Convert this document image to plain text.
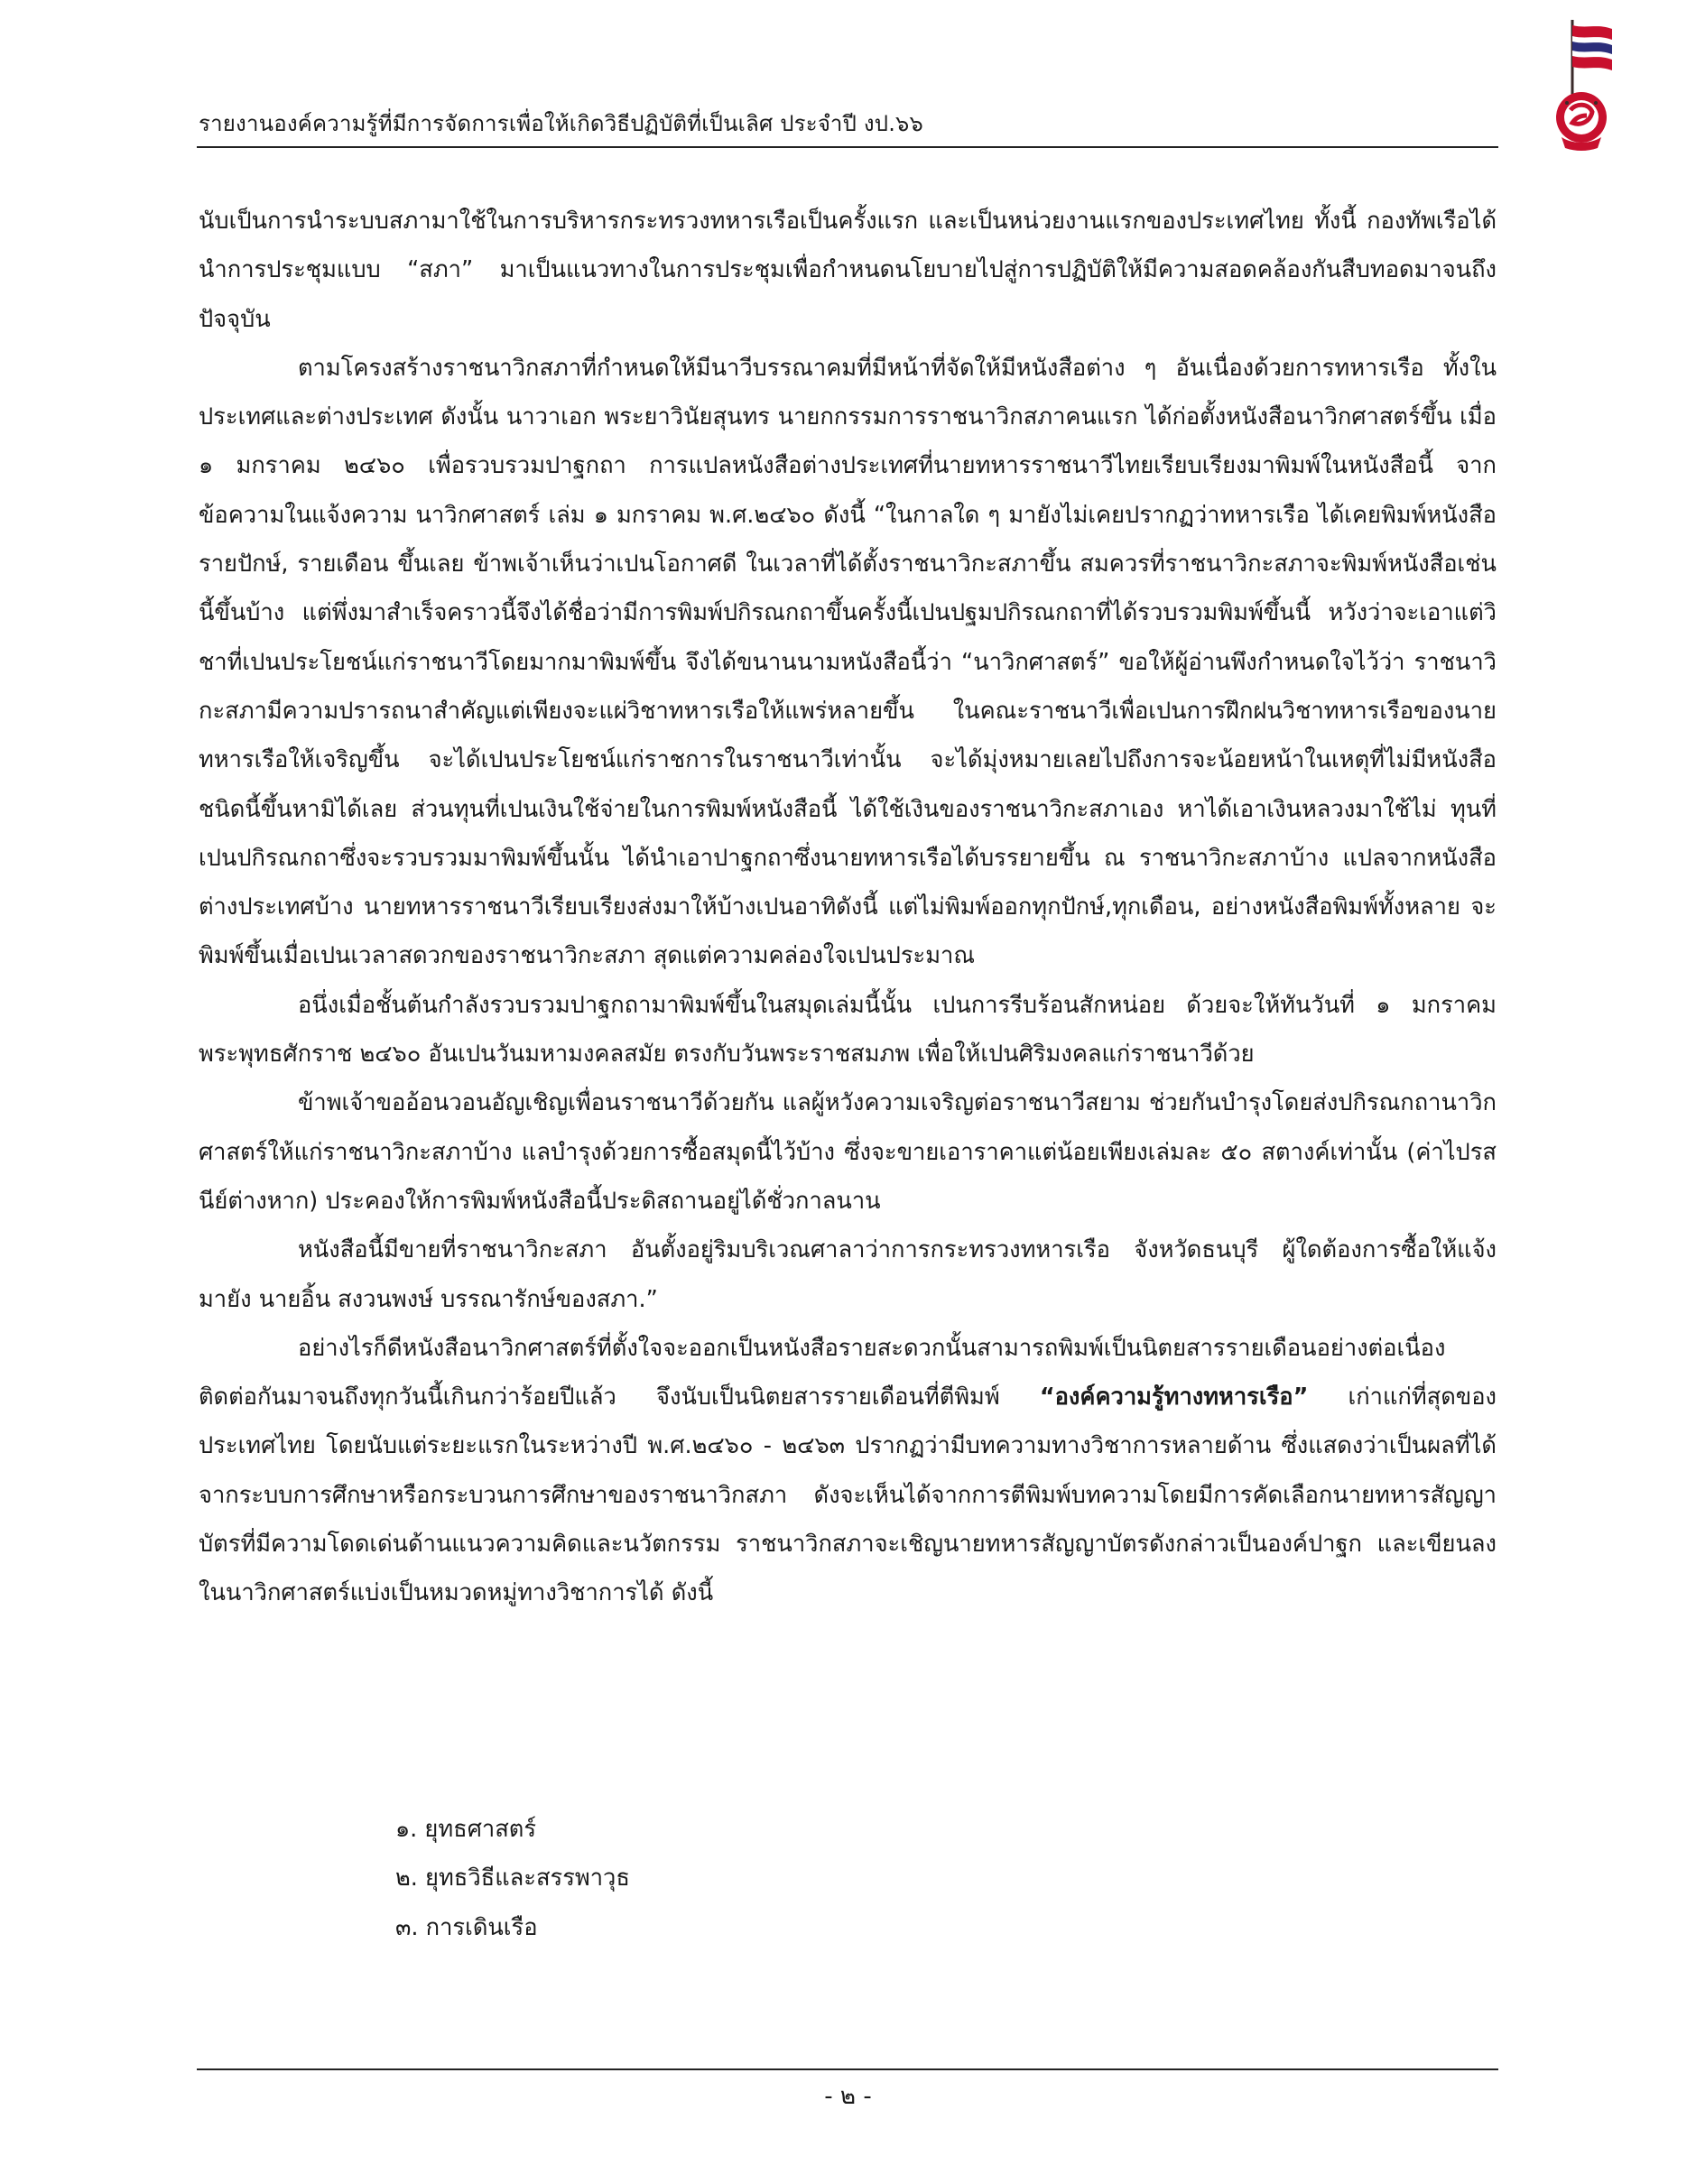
รายงานองค์ความรู้ที่มีการจัดการเพื่อให้เกิดวิธีปฏิบัติที่เป็นเลิศ ประจำปี งป.๖๖

นับเป็นการนำระบบสภามาใช้ในการบริหารกระทรวงทหารเรือเป็นครั้งแรก และเป็นหน่วยงานแรกของประเทศไทย ทั้งนี้ กองทัพเรือได้นำการประชุมแบบ “สภา” มาเป็นแนวทางในการประชุมเพื่อกำหนดนโยบายไปสู่การปฏิบัติให้มีความสอดคล้องกันสืบทอดมาจนถึงปัจจุบัน

ตามโครงสร้างราชนาวิกสภาที่กำหนดให้มีนาวีบรรณาคมที่มีหน้าที่จัดให้มีหนังสือต่าง ๆ อันเนื่องด้วยการทหารเรือ ทั้งในประเทศและต่างประเทศ ดังนั้น นาวาเอก พระยาวินัยสุนทร นายกกรรมการราชนาวิกสภาคนแรก ได้ก่อตั้งหนังสือนาวิกศาสตร์ขึ้น เมื่อ ๑ มกราคม ๒๔๖๐ เพื่อรวบรวมปาฐกถา การแปลหนังสือต่างประเทศที่นายทหารราชนาวีไทยเรียบเรียงมาพิมพ์ในหนังสือนี้ จากข้อความในแจ้งความ นาวิกศาสตร์ เล่ม ๑ มกราคม พ.ศ.๒๔๖๐ ดังนี้ “ในกาลใด ๆ มายังไม่เคยปรากฏว่าทหารเรือ ได้เคยพิมพ์หนังสือรายปักษ์, รายเดือน ขึ้นเลย ข้าพเจ้าเห็นว่าเปนโอกาศดี ในเวลาที่ได้ตั้งราชนาวิกะสภาขึ้น สมควรที่ราชนาวิกะสภาจะพิมพ์หนังสือเช่นนี้ขึ้นบ้าง แต่พึ่งมาสำเร็จคราวนี้จึงได้ชื่อว่ามีการพิมพ์ปกิรณกถาขึ้นครั้งนี้เปนปฐมปกิรณกถาที่ได้รวบรวมพิมพ์ขึ้นนี้ หวังว่าจะเอาแต่วิชาที่เปนประโยชน์แก่ราชนาวีโดยมากมาพิมพ์ขึ้น จึงได้ขนานนามหนังสือนี้ว่า “นาวิกศาสตร์” ขอให้ผู้อ่านพึงกำหนดใจไว้ว่า ราชนาวิกะสภามีความปรารถนาสำคัญแต่เพียงจะแผ่วิชาทหารเรือให้แพร่หลายขึ้น ในคณะราชนาวีเพื่อเปนการฝึกฝนวิชาทหารเรือของนายทหารเรือให้เจริญขึ้น จะได้เปนประโยชน์แก่ราชการในราชนาวีเท่านั้น จะได้มุ่งหมายเลยไปถึงการจะน้อยหน้าในเหตุที่ไม่มีหนังสือชนิดนี้ขึ้นหามิได้เลย ส่วนทุนที่เปนเงินใช้จ่ายในการพิมพ์หนังสือนี้ ได้ใช้เงินของราชนาวิกะสภาเอง หาได้เอาเงินหลวงมาใช้ไม่ ทุนที่เปนปกิรณกถาซึ่งจะรวบรวมมาพิมพ์ขึ้นนั้น ได้นำเอาปาฐกถาซึ่งนายทหารเรือได้บรรยายขึ้น ณ ราชนาวิกะสภาบ้าง แปลจากหนังสือต่างประเทศบ้าง นายทหารราชนาวีเรียบเรียงส่งมาให้บ้างเปนอาทิดังนี้ แต่ไม่พิมพ์ออกทุกปักษ์,ทุกเดือน, อย่างหนังสือพิมพ์ทั้งหลาย จะพิมพ์ขึ้นเมื่อเปนเวลาสดวกของราชนาวิกะสภา สุดแต่ความคล่องใจเปนประมาณ

อนึ่งเมื่อชั้นต้นกำลังรวบรวมปาฐกถามาพิมพ์ขึ้นในสมุดเล่มนี้นั้น เปนการรีบร้อนสักหน่อย ด้วยจะให้ทันวันที่ ๑ มกราคม พระพุทธศักราช ๒๔๖๐ อันเปนวันมหามงคลสมัย ตรงกับวันพระราชสมภพ เพื่อให้เปนศิริมงคลแก่ราชนาวีด้วย

ข้าพเจ้าขออ้อนวอนอัญเชิญเพื่อนราชนาวีด้วยกัน แลผู้หวังความเจริญต่อราชนาวีสยาม ช่วยกันบำรุงโดยส่งปกิรณกถานาวิกศาสตร์ให้แก่ราชนาวิกะสภาบ้าง แลบำรุงด้วยการซื้อสมุดนี้ไว้บ้าง ซึ่งจะขายเอาราคาแต่น้อยเพียงเล่มละ ๕๐ สตางค์เท่านั้น (ค่าไปรสนีย์ต่างหาก) ประคองให้การพิมพ์หนังสือนี้ประดิสถานอยู่ได้ชั่วกาลนาน

หนังสือนี้มีขายที่ราชนาวิกะสภา อันตั้งอยู่ริมบริเวณศาลาว่าการกระทรวงทหารเรือ จังหวัดธนบุรี ผู้ใดต้องการซื้อให้แจ้งมายัง นายอิ้น สงวนพงษ์ บรรณารักษ์ของสภา.”

อย่างไรก็ดีหนังสือนาวิกศาสตร์ที่ตั้งใจจะออกเป็นหนังสือรายสะดวกนั้นสามารถพิมพ์เป็นนิตยสารรายเดือนอย่างต่อเนื่องติดต่อกันมาจนถึงทุกวันนี้เกินกว่าร้อยปีแล้ว จึงนับเป็นนิตยสารรายเดือนที่ตีพิมพ์ “องค์ความรู้ทางทหารเรือ” เก่าแก่ที่สุดของประเทศไทย โดยนับแต่ระยะแรกในระหว่างปี พ.ศ.๒๔๖๐ - ๒๔๖๓ ปรากฏว่ามีบทความทางวิชาการหลายด้าน ซึ่งแสดงว่าเป็นผลที่ได้จากระบบการศึกษาหรือกระบวนการศึกษาของราชนาวิกสภา ดังจะเห็นได้จากการตีพิมพ์บทความโดยมีการคัดเลือกนายทหารสัญญาบัตรที่มีความโดดเด่นด้านแนวความคิดและนวัตกรรม ราชนาวิกสภาจะเชิญนายทหารสัญญาบัตรดังกล่าวเป็นองค์ปาฐก และเขียนลงในนาวิกศาสตร์แบ่งเป็นหมวดหมู่ทางวิชาการได้ ดังนี้

๑. ยุทธศาสตร์
๒. ยุทธวิธีและสรรพาวุธ
๓. การเดินเรือ
- ๒ -
